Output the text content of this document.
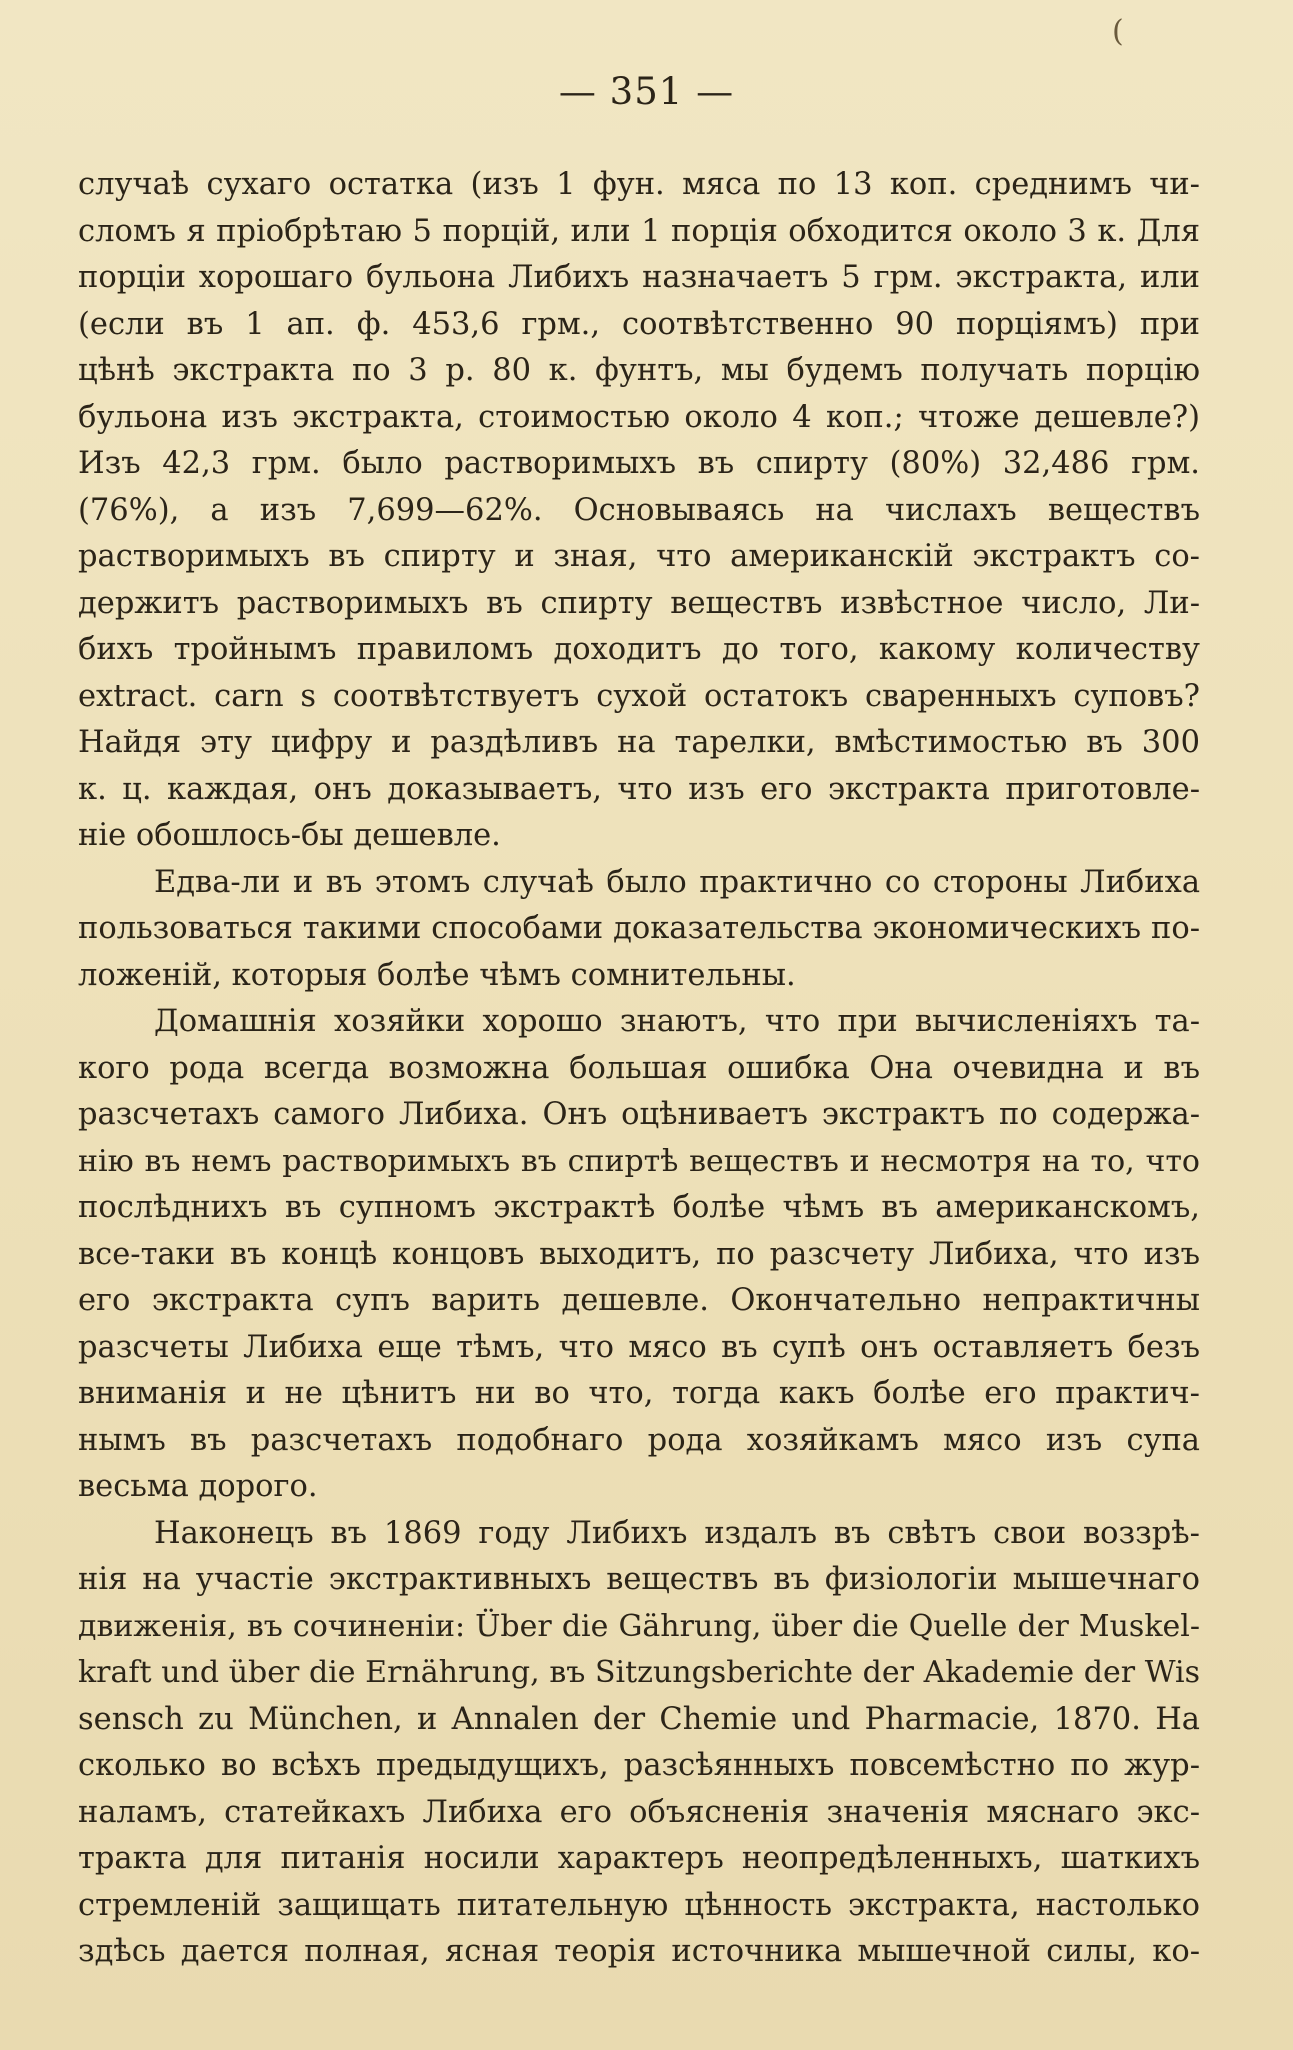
(
— 351 —
случаѣ сухаго остатка (изъ 1 фун. мяса по 13 коп. среднимъ чи-
сломъ я пріобрѣтаю 5 порцій, или 1 порція обходится около 3 к. Для
порціи хорошаго бульона Либихъ назначаетъ 5 грм. экстракта, или
(если въ 1 ап. ф. 453,6 грм., соотвѣтственно 90 порціямъ) при
цѣнѣ экстракта по 3 р. 80 к. фунтъ, мы будемъ получать порцію
бульона изъ экстракта, стоимостью около 4 коп.; чтоже дешевле?)
Изъ 42,3 грм. было растворимыхъ въ спирту (80%) 32,486 грм.
(76%), а изъ 7,699—62%. Основываясь на числахъ веществъ
растворимыхъ въ спирту и зная, что американскій экстрактъ со-
держитъ растворимыхъ въ спирту веществъ извѣстное число, Ли-
бихъ тройнымъ правиломъ доходитъ до того, какому количеству
extract. carn s соотвѣтствуетъ сухой остатокъ сваренныхъ суповъ?
Найдя эту цифру и раздѣливъ на тарелки, вмѣстимостью въ 300
к. ц. каждая, онъ доказываетъ, что изъ его экстракта приготовле-
ніе обошлось-бы дешевле.
Едва-ли и въ этомъ случаѣ было практично со стороны Либиха
пользоваться такими способами доказательства экономическихъ по-
ложеній, которыя болѣе чѣмъ сомнительны.
Домашнія хозяйки хорошо знаютъ, что при вычисленіяхъ та-
кого рода всегда возможна большая ошибка Она очевидна и въ
разсчетахъ самого Либиха. Онъ оцѣниваетъ экстрактъ по содержа-
нію въ немъ растворимыхъ въ спиртѣ веществъ и несмотря на то, что
послѣднихъ въ супномъ экстрактѣ болѣе чѣмъ въ американскомъ,
все-таки въ концѣ концовъ выходитъ, по разсчету Либиха, что изъ
его экстракта супъ варить дешевле. Окончательно непрактичны
разсчеты Либиха еще тѣмъ, что мясо въ супѣ онъ оставляетъ безъ
вниманія и не цѣнитъ ни во что, тогда какъ болѣе его практич-
нымъ въ разсчетахъ подобнаго рода хозяйкамъ мясо изъ супа
весьма дорого.
Наконецъ въ 1869 году Либихъ издалъ въ свѣтъ свои воззрѣ-
нія на участіе экстрактивныхъ веществъ въ физіологіи мышечнаго
движенія, въ сочиненіи: Über die Gährung, über die Quelle der Muskel-
kraft und über die Ernährung, въ Sitzungsberichte der Akademie der Wis
sensch zu München, и Annalen der Chemie und Pharmacie, 1870. На
сколько во всѣхъ предыдущихъ, разсѣянныхъ повсемѣстно по жур-
наламъ, статейкахъ Либиха его объясненія значенія мяснаго экс-
тракта для питанія носили характеръ неопредѣленныхъ, шаткихъ
стремленій защищать питательную цѣнность экстракта, настолько
здѣсь дается полная, ясная теорія источника мышечной силы, ко-
